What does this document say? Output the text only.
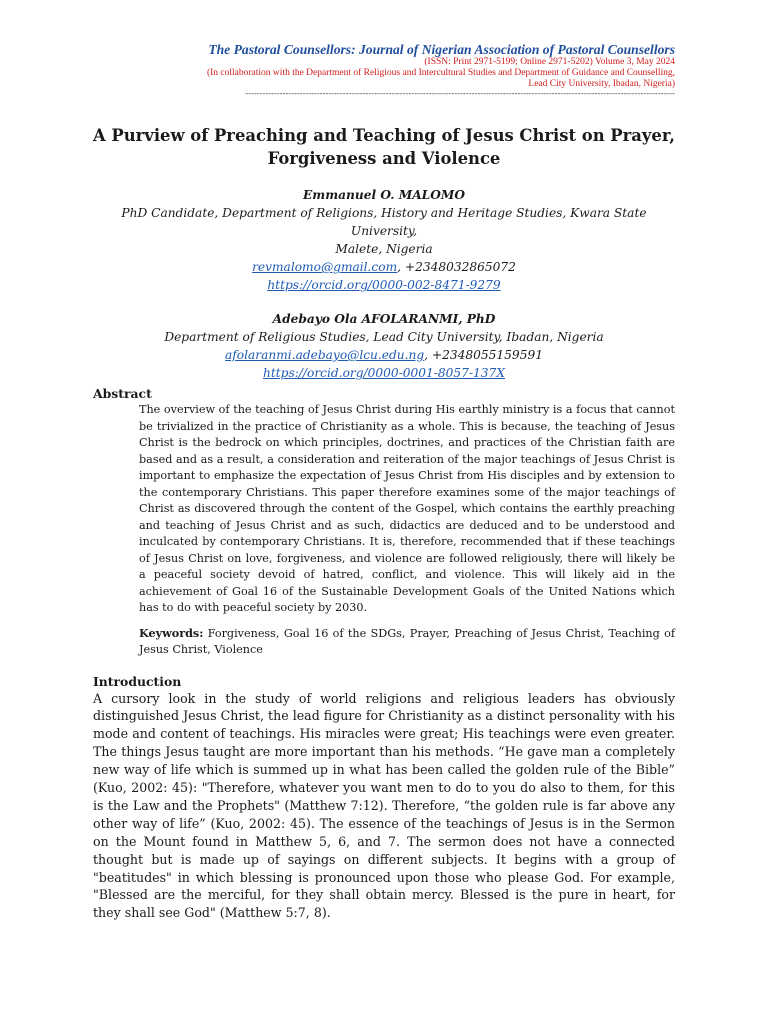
The Pastoral Counsellors: Journal of Nigerian Association of Pastoral Counsellors
(ISSN: Print 2971-5199; Online 2971-5202) Volume 3, May 2024
(In collaboration with the Department of Religious and Intercultural Studies and Department of Guidance and Counselling,
Lead City University, Ibadan, Nigeria)
------------------------------------------------------------------------------------------------------------------------------------------------------
A Purview of Preaching and Teaching of Jesus Christ on Prayer,
Forgiveness and Violence
Emmanuel O. MALOMO
PhD Candidate, Department of Religions, History and Heritage Studies, Kwara State University,
Malete, Nigeria
revmalomo@gmail.com, +2348032865072
https://orcid.org/0000-002-8471-9279
Adebayo Ola AFOLARANMI, PhD
Department of Religious Studies, Lead City University, Ibadan, Nigeria
afolaranmi.adebayo@lcu.edu.ng, +2348055159591
https://orcid.org/0000-0001-8057-137X
Abstract
The overview of the teaching of Jesus Christ during His earthly ministry is a focus that cannot be trivialized in the practice of Christianity as a whole. This is because, the teaching of Jesus Christ is the bedrock on which principles, doctrines, and practices of the Christian faith are based and as a result, a consideration and reiteration of the major teachings of Jesus Christ is important to emphasize the expectation of Jesus Christ from His disciples and by extension to the contemporary Christians. This paper therefore examines some of the major teachings of Christ as discovered through the content of the Gospel, which contains the earthly preaching and teaching of Jesus Christ and as such, didactics are deduced and to be understood and inculcated by contemporary Christians. It is, therefore, recommended that if these teachings of Jesus Christ on love, forgiveness, and violence are followed religiously, there will likely be a peaceful society devoid of hatred, conflict, and violence. This will likely aid in the achievement of Goal 16 of the Sustainable Development Goals of the United Nations which has to do with peaceful society by 2030.
Keywords: Forgiveness, Goal 16 of the SDGs, Prayer, Preaching of Jesus Christ, Teaching of Jesus Christ, Violence
Introduction
A cursory look in the study of world religions and religious leaders has obviously distinguished Jesus Christ, the lead figure for Christianity as a distinct personality with his mode and content of teachings. His miracles were great; His teachings were even greater. The things Jesus taught are more important than his methods. “He gave man a completely new way of life which is summed up in what has been called the golden rule of the Bible” (Kuo, 2002: 45): "Therefore, whatever you want men to do to you do also to them, for this is the Law and the Prophets" (Matthew 7:12). Therefore, “the golden rule is far above any other way of life” (Kuo, 2002: 45). The essence of the teachings of Jesus is in the Sermon on the Mount found in Matthew 5, 6, and 7. The sermon does not have a connected thought but is made up of sayings on different subjects. It begins with a group of "beatitudes" in which blessing is pronounced upon those who please God. For example, "Blessed are the merciful, for they shall obtain mercy. Blessed is the pure in heart, for they shall see God" (Matthew 5:7, 8).
